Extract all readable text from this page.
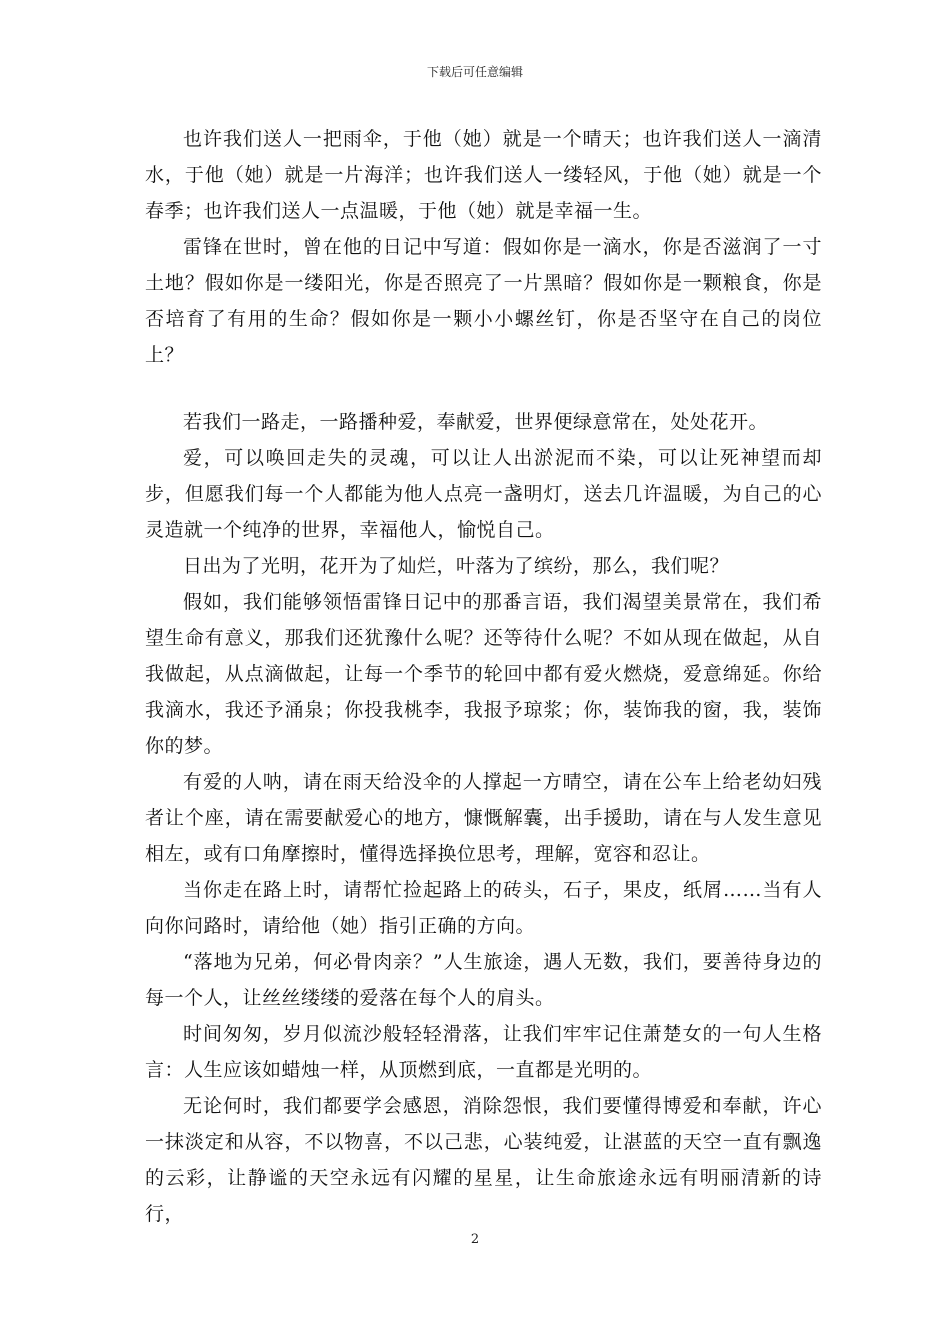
下载后可任意编辑

也许我们送人一把雨伞，于他（她）就是一个晴天；也许我们送人一滴清水，于他（她）就是一片海洋；也许我们送人一缕轻风，于他（她）就是一个春季；也许我们送人一点温暖，于他（她）就是幸福一生。

雷锋在世时，曾在他的日记中写道：假如你是一滴水，你是否滋润了一寸土地？假如你是一缕阳光，你是否照亮了一片黑暗？假如你是一颗粮食，你是否培育了有用的生命？假如你是一颗小小螺丝钉，你是否坚守在自己的岗位上？

若我们一路走，一路播种爱，奉献爱，世界便绿意常在，处处花开。

爱，可以唤回走失的灵魂，可以让人出淤泥而不染，可以让死神望而却步，但愿我们每一个人都能为他人点亮一盏明灯，送去几许温暖，为自己的心灵造就一个纯净的世界，幸福他人，愉悦自己。

日出为了光明，花开为了灿烂，叶落为了缤纷，那么，我们呢？

假如，我们能够领悟雷锋日记中的那番言语，我们渴望美景常在，我们希望生命有意义，那我们还犹豫什么呢？还等待什么呢？不如从现在做起，从自我做起，从点滴做起，让每一个季节的轮回中都有爱火燃烧，爱意绵延。你给我滴水，我还予涌泉；你投我桃李，我报予琼浆；你，装饰我的窗，我，装饰你的梦。

有爱的人呐，请在雨天给没伞的人撑起一方晴空，请在公车上给老幼妇残者让个座，请在需要献爱心的地方，慷慨解囊，出手援助，请在与人发生意见相左，或有口角摩擦时，懂得选择换位思考，理解，宽容和忍让。

当你走在路上时，请帮忙捡起路上的砖头，石子，果皮，纸屑……当有人向你问路时，请给他（她）指引正确的方向。

“落地为兄弟，何必骨肉亲？”人生旅途，遇人无数，我们，要善待身边的每一个人，让丝丝缕缕的爱落在每个人的肩头。

时间匆匆，岁月似流沙般轻轻滑落，让我们牢牢记住萧楚女的一句人生格言：人生应该如蜡烛一样，从顶燃到底，一直都是光明的。

无论何时，我们都要学会感恩，消除怨恨，我们要懂得博爱和奉献，许心一抹淡定和从容，不以物喜，不以己悲，心装纯爱，让湛蓝的天空一直有飘逸的云彩，让静谧的天空永远有闪耀的星星，让生命旅途永远有明丽清新的诗行，

2
